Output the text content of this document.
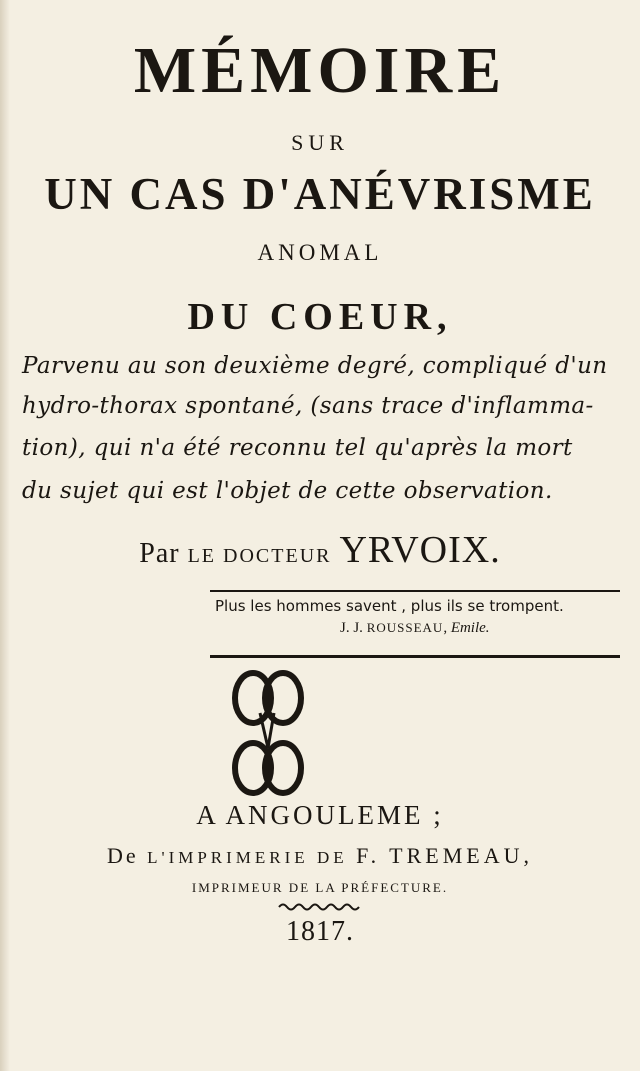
MÉMOIRE
SUR
UN CAS D'ANÉVRISME
ANOMAL
DU COEUR,
Parvenu au son deuxième degré, compliqué d'un
hydro-thorax spontané, (sans trace d'inflamma-
tion), qui n'a été reconnu tel qu'après la mort
du sujet qui est l'objet de cette observation.
Par LE DOCTEUR YRVOIX.
Plus les hommes savent , plus ils se trompent.
J. J. ROUSSEAU, Emile.
A ANGOULEME ;
De L'IMPRIMERIE DE F. TREMEAU,
IMPRIMEUR DE LA PRÉFECTURE.
1817.
